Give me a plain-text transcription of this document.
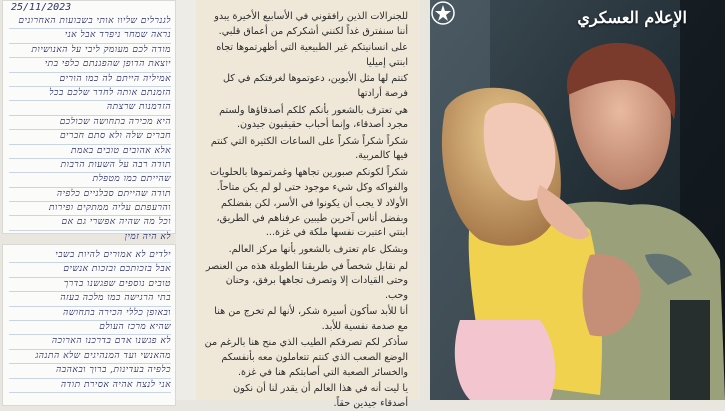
25/11/2023
לגנרלים שליוו אותי בשבועות האחרונים
נראה שמחר ניפרד אבל אני
מודה לכם מעומק ליבי על האנושיות
יוצאת הדופן שהפגנתם כלפי בתי
אמיליה הייתם לה כמו הורים
הזמנתם אותה לחדר שלכם בכל
הזדמנות שרצתה
היא מכירה בתחושה שכולכם
חברים שלה ולא סתם חברים
אלא אהובים טובים באמת
תודה רבה על השעות הרבות
שהייתם כמו מטפלת
תודה שהייתם סבלניים כלפיה
והרעפתם עליה ממתקים ופירות
וכל מה שהיה אפשרי גם אם
לא היה זמין
ילדים לא אמורים להיות בשבי
אבל בזכותכם ובזכות אנשים
טובים נוספים שפגשנו בדרך
בתי הרגישה כמו מלכה בעזה
ובאופן כללי הכירה בתחושה
שהיא מרכז העולם
לא פגשנו אדם בדרכנו הארוכה
מהאנשי ועד המנהיגים שלא התנהג
כלפיה בעדינות, ברוך ובאהבה
אני לנצח אהיה אסירת תודה

للجنرالات الذين رافقوني في الأسابيع الأخيرة يبدو أننا سنفترق غداً لكنني أشكركم من أعماق قلبي.

على انسانيتكم غير الطبيعية التي أظهرتموها تجاه ابنتي إميليا

كنتم لها مثل الأبوين، دعوتموها لغرفتكم في كل فرصة أرادتها

هي تعترف بالشعور بأنكم كلكم أصدقاؤها ولستم مجرد أصدقاء، وإنما أحباب حقيقيون جيدون.

شكراً شكراً شكراً على الساعات الكثيرة التي كنتم فيها كالمربية.

شكراً لكونكم صبورين تجاهها وغمرتموها بالحلويات والفواكه وكل شيء موجود حتى لو لم يكن متاحاً.

الأولاد لا يجب أن يكونوا في الأسر، لكن بفضلكم وبفضل أناس آخرين طيبين عرفناهم في الطريق، ابنتي اعتبرت نفسها ملكة في غزة...

وبشكل عام تعترف بالشعور بأنها مركز العالم.

لم نقابل شخصاً في طريقنا الطويلة هذه من العنصر وحتى القيادات إلا وتصرف تجاهها برفق، وحنان وحب.

أنا للأبد سأكون أسيرة شكر، لأنها لم تخرج من هنا مع صدمة نفسية للأبد.

سأذكر لكم تصرفكم الطيب الذي منح هنا بالرغم من الوضع الصعب الذي كنتم تتعاملون معه بأنفسكم والخسائر الصعبة التي أصابتكم هنا في غزة.

يا ليت أنه في هذا العالم أن يقدر لنا أن نكون أصدقاء جيدين حقاً.

الإعلام العسكري
